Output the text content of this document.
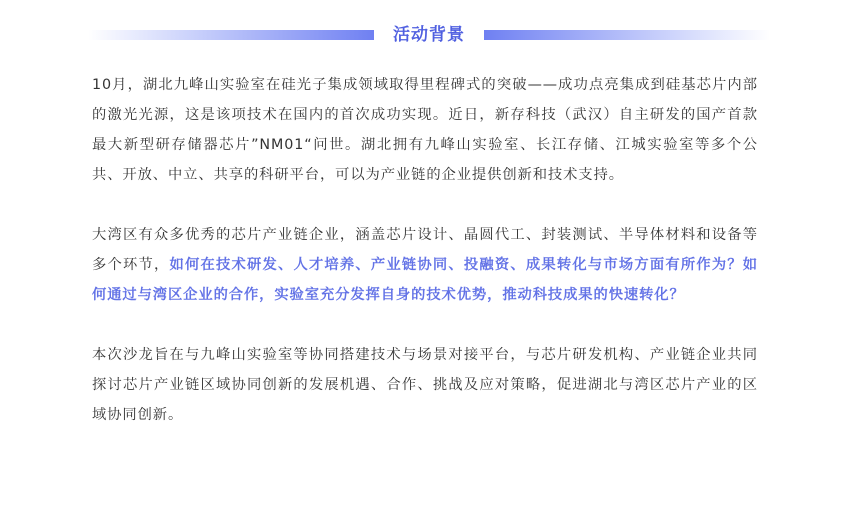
活动背景

10月，湖北九峰山实验室在硅光子集成领域取得里程碑式的突破——成功点亮集成到硅基芯片内部的激光光源，这是该项技术在国内的首次成功实现。近日，新存科技（武汉）自主研发的国产首款最大新型研存储器芯片”NM01“问世。湖北拥有九峰山实验室、长江存储、江城实验室等多个公共、开放、中立、共享的科研平台，可以为产业链的企业提供创新和技术支持。

大湾区有众多优秀的芯片产业链企业，涵盖芯片设计、晶圆代工、封装测试、半导体材料和设备等多个环节，如何在技术研发、人才培养、产业链协同、投融资、成果转化与市场方面有所作为？如何通过与湾区企业的合作，实验室充分发挥自身的技术优势，推动科技成果的快速转化？

本次沙龙旨在与九峰山实验室等协同搭建技术与场景对接平台，与芯片研发机构、产业链企业共同探讨芯片产业链区域协同创新的发展机遇、合作、挑战及应对策略，促进湖北与湾区芯片产业的区域协同创新。
